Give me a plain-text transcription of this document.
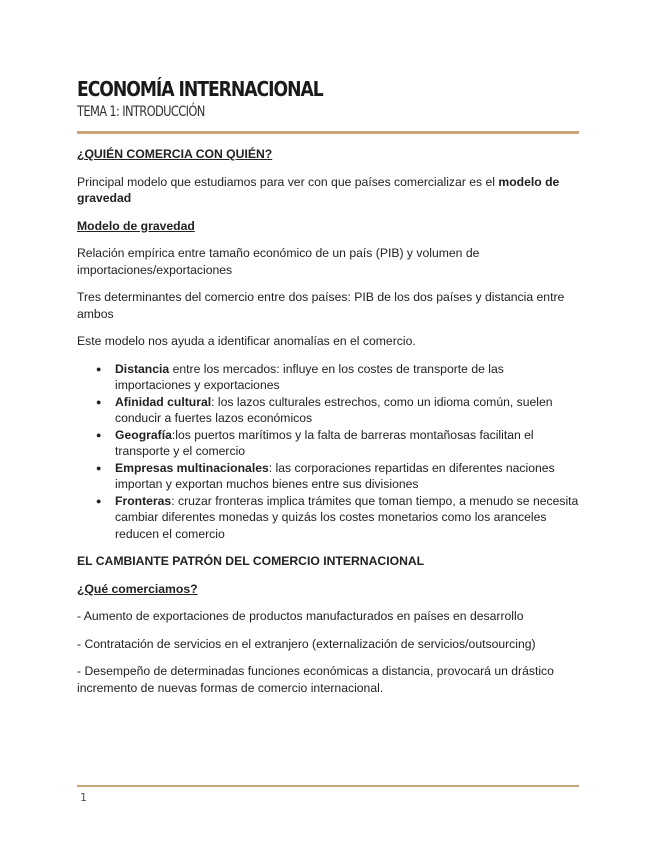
ECONOMÍA INTERNACIONAL
TEMA 1: INTRODUCCIÓN

¿QUIÉN COMERCIA CON QUIÉN?

Principal modelo que estudiamos para ver con que países comercializar es el modelo de gravedad

Modelo de gravedad

Relación empírica entre tamaño económico de un país (PIB) y volumen de importaciones/exportaciones

Tres determinantes del comercio entre dos países: PIB de los dos países y distancia entre ambos

Este modelo nos ayuda a identificar anomalías en el comercio.

● Distancia entre los mercados: influye en los costes de transporte de las importaciones y exportaciones
● Afinidad cultural: los lazos culturales estrechos, como un idioma común, suelen conducir a fuertes lazos económicos
● Geografía:los puertos marítimos y la falta de barreras montañosas facilitan el transporte y el comercio
● Empresas multinacionales: las corporaciones repartidas en diferentes naciones importan y exportan muchos bienes entre sus divisiones
● Fronteras: cruzar fronteras implica trámites que toman tiempo, a menudo se necesita cambiar diferentes monedas y quizás los costes monetarios como los aranceles reducen el comercio

EL CAMBIANTE PATRÓN DEL COMERCIO INTERNACIONAL

¿Qué comerciamos?

- Aumento de exportaciones de productos manufacturados en países en desarrollo

- Contratación de servicios en el extranjero (externalización de servicios/outsourcing)

- Desempeño de determinadas funciones económicas a distancia, provocará un drástico incremento de nuevas formas de comercio internacional.

1
